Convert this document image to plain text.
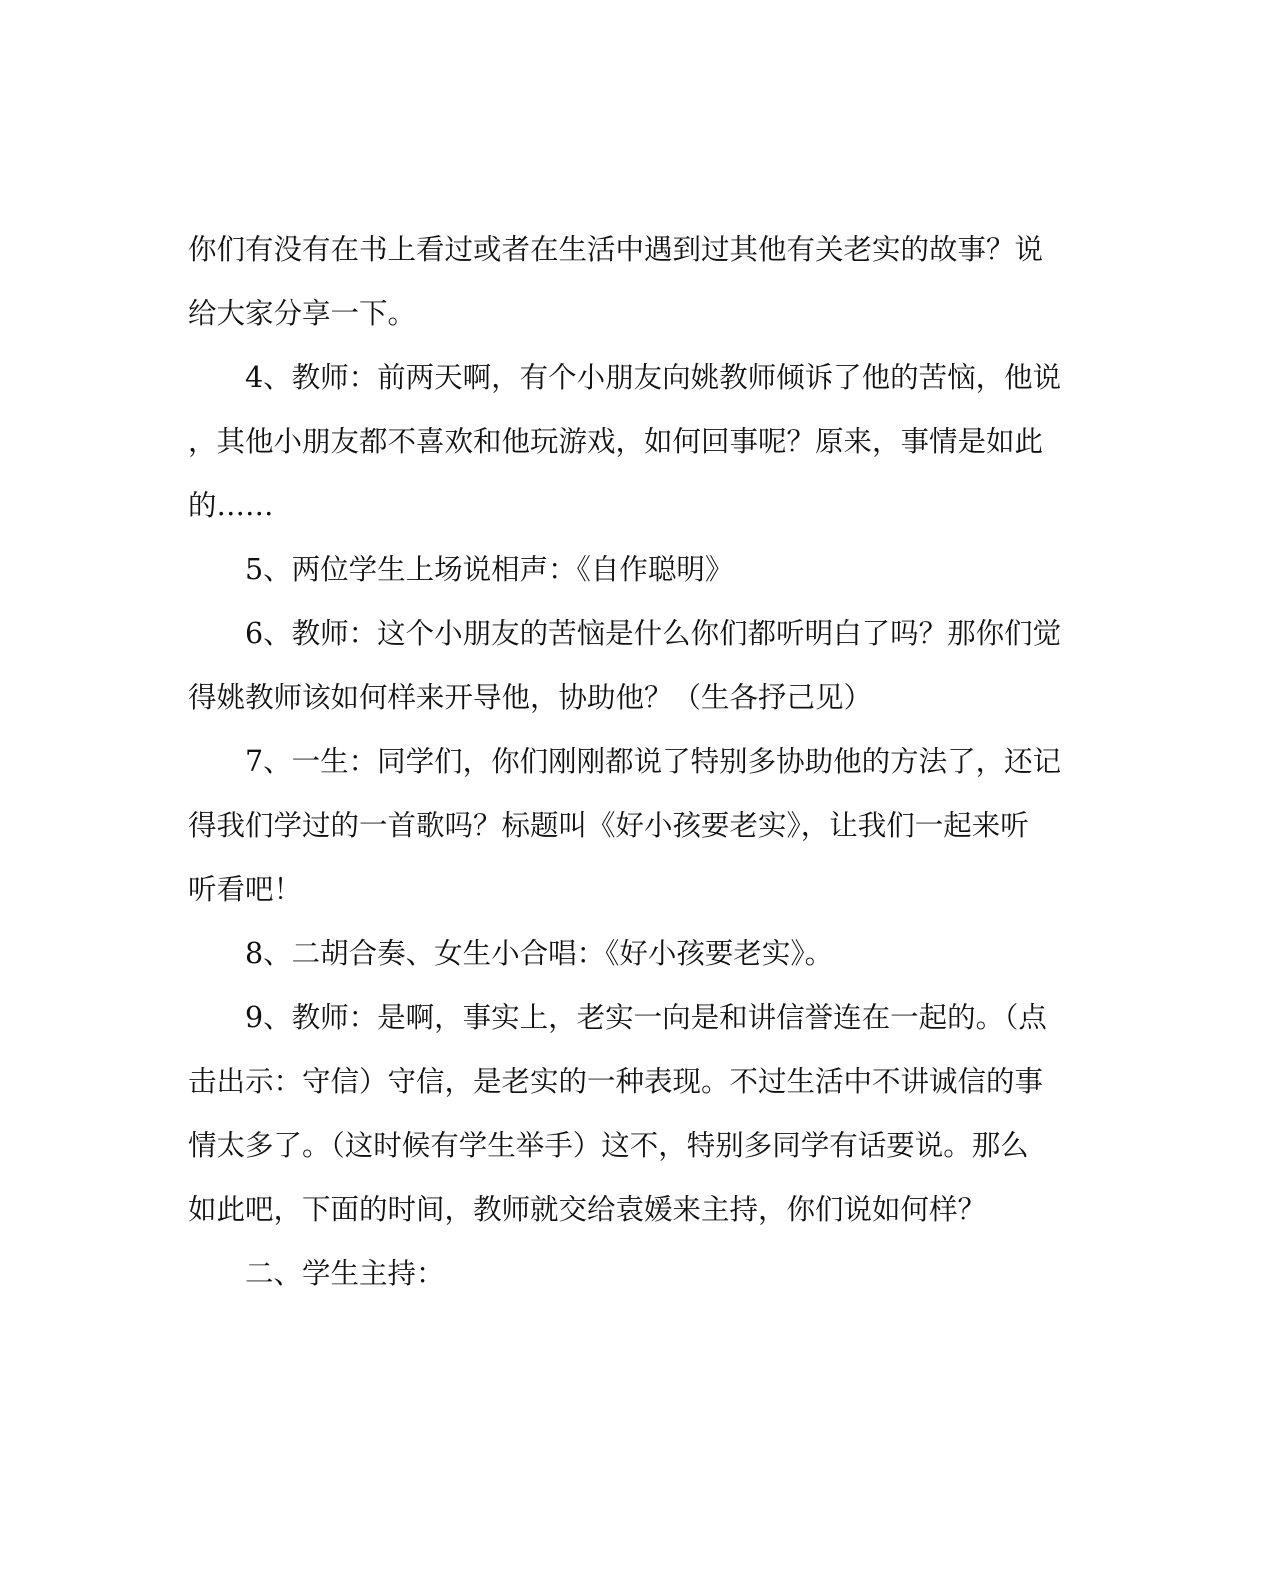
你们有没有在书上看过或者在生活中遇到过其他有关老实的故事？说
给大家分享一下。
4、教师：前两天啊，有个小朋友向姚教师倾诉了他的苦恼，他说
，其他小朋友都不喜欢和他玩游戏，如何回事呢？原来，事情是如此
的……
5、两位学生上场说相声：《自作聪明》
6、教师：这个小朋友的苦恼是什么你们都听明白了吗？那你们觉
得姚教师该如何样来开导他，协助他？（生各抒己见）
7、一生：同学们，你们刚刚都说了特别多协助他的方法了，还记
得我们学过的一首歌吗？标题叫《好小孩要老实》，让我们一起来听
听看吧！
8、二胡合奏、女生小合唱：《好小孩要老实》。
9、教师：是啊，事实上，老实一向是和讲信誉连在一起的。（点
击出示：守信）守信，是老实的一种表现。不过生活中不讲诚信的事
情太多了。（这时候有学生举手）这不，特别多同学有话要说。那么
如此吧，下面的时间，教师就交给袁媛来主持，你们说如何样？
二、学生主持：
